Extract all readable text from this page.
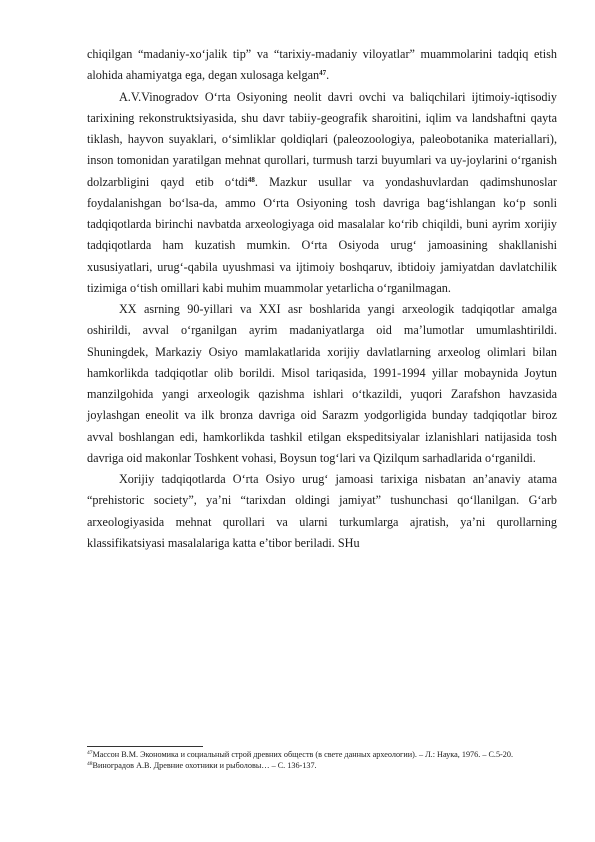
chiqilgan “madaniy-xo‘jalik tip” va “tarixiy-madaniy viloyatlar” muammolarini tadqiq etish alohida ahamiyatga ega, degan xulosaga kelgan$^{47}$.

A.V.Vinogradov O‘rta Osiyoning neolit davri ovchi va baliqchilari ijtimoiy-iqtisodiy tarixining rekonstruktsiyasida, shu davr tabiiy-geografik sharoitini, iqlim va landshaftni qayta tiklash, hayvon suyaklari, o‘simliklar qoldiqlari (paleozoologiya, paleobotanika materiallari), inson tomonidan yaratilgan mehnat qurollari, turmush tarzi buyumlari va uy-joylarini o‘rganish dolzarbligini qayd etib o‘tdi$^{48}$. Mazkur usullar va yondashuvlardan qadimshunoslar foydalanishgan bo‘lsa-da, ammo O‘rta Osiyoning tosh davriga bag‘ishlangan ko‘p sonli tadqiqotlarda birinchi navbatda arxeologiyaga oid masalalar ko‘rib chiqildi, buni ayrim xorijiy tadqiqotlarda ham kuzatish mumkin. O‘rta Osiyoda urug‘ jamoasining shakllanishi xususiyatlari, urug‘-qabila uyushmasi va ijtimoiy boshqaruv, ibtidoiy jamiyatdan davlatchilik tizimiga o‘tish omillari kabi muhim muammolar yetarlicha o‘rganilmagan.

XX asrning 90-yillari va XXI asr boshlarida yangi arxeologik tadqiqotlar amalga oshirildi, avval o‘rganilgan ayrim madaniyatlarga oid ma’lumotlar umumlashtirildi. Shuningdek, Markaziy Osiyo mamlakatlarida xorijiy davlatlarning arxeolog olimlari bilan hamkorlikda tadqiqotlar olib borildi. Misol tariqasida, 1991-1994 yillar mobaynida Joytun manzilgohida yangi arxeologik qazishma ishlari o‘tkazildi, yuqori Zarafshon havzasida joylashgan eneolit va ilk bronza davriga oid Sarazm yodgorligida bunday tadqiqotlar biroz avval boshlangan edi, hamkorlikda tashkil etilgan ekspeditsiyalar izlanishlari natijasida tosh davriga oid makonlar Toshkent vohasi, Boysun tog‘lari va Qizilqum sarhadlarida o‘rganildi.

Xorijiy tadqiqotlarda O‘rta Osiyo urug‘ jamoasi tarixiga nisbatan an’anaviy atama “prehistoric society”, ya’ni “tarixdan oldingi jamiyat” tushunchasi qo‘llanilgan. G‘arb arxeologiyasida mehnat qurollari va ularni turkumlarga ajratish, ya’ni qurollarning klassifikatsiyasi masalalariga katta e’tibor beriladi. SHu

$^{47}$Массон В.М. Экономика и социальный строй древних обществ (в свете данных археологии). – Л.: Наука, 1976. – С.5-20.

$^{48}$Виноградов А.В. Древние охотники и рыболовы… – С. 136-137.
